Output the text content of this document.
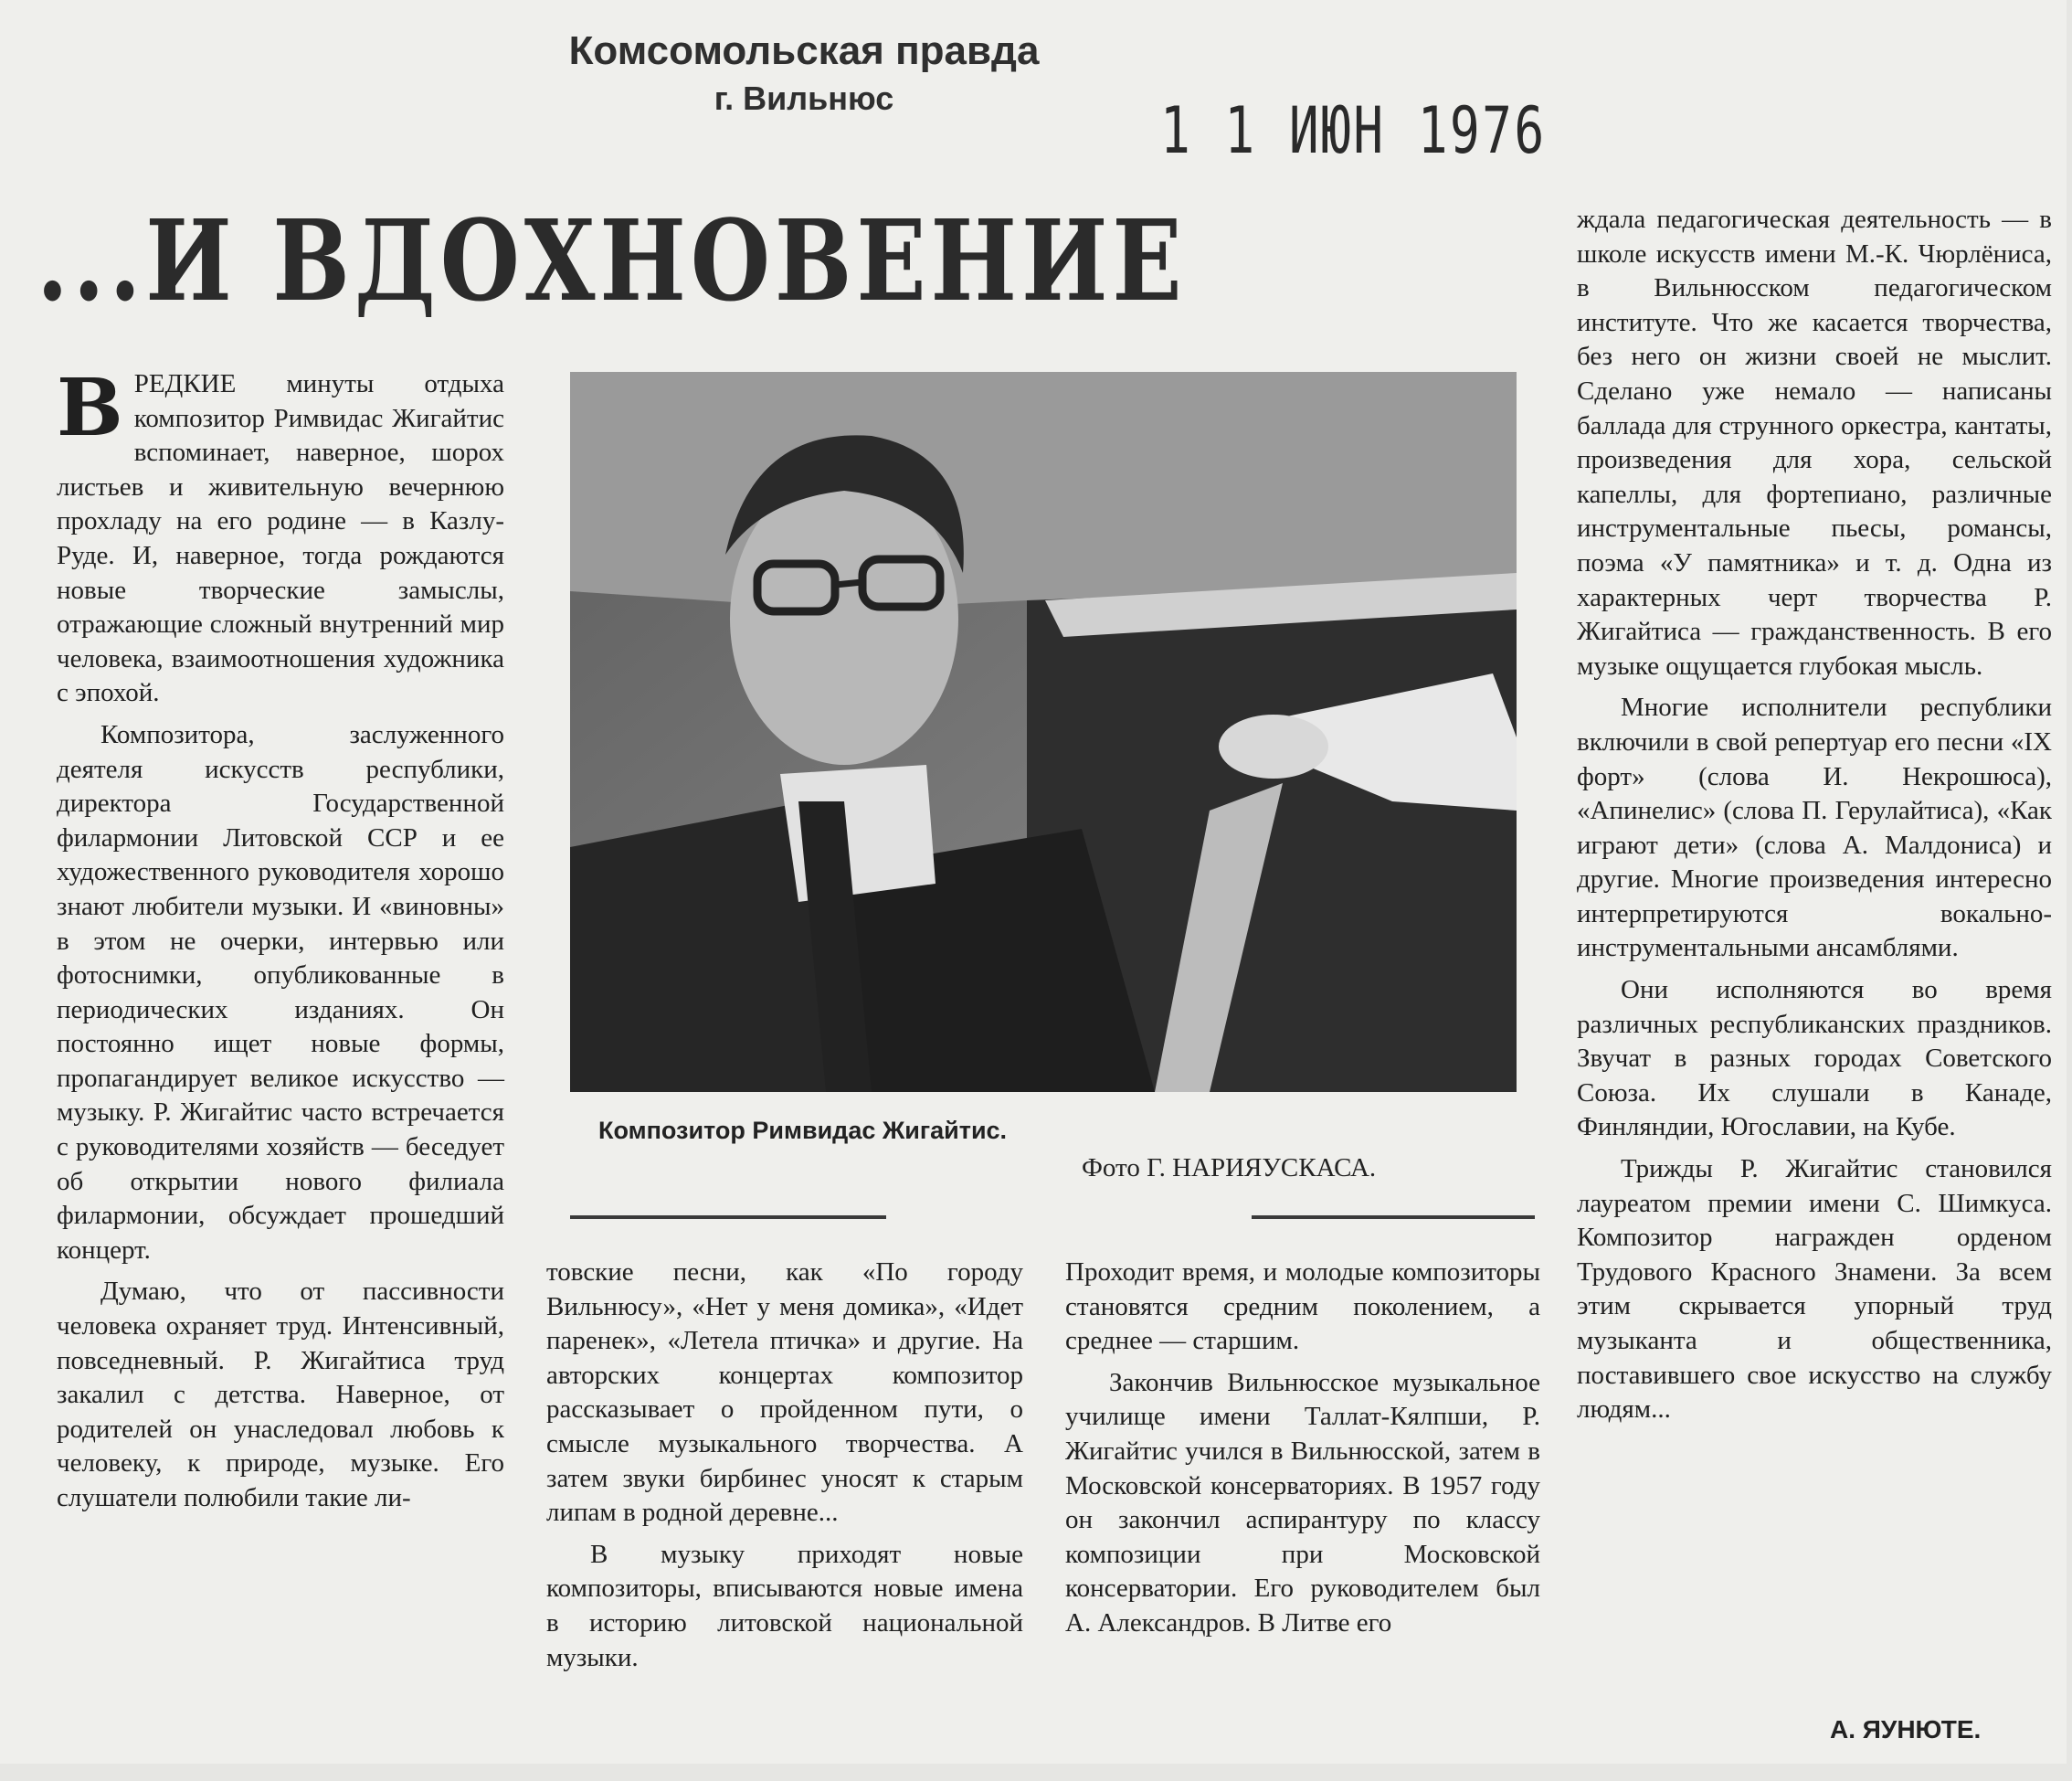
Комсомольская правда
г. Вильнюс	1 1 ИЮН 1976
...И ВДОХНОВЕНИЕ

ВРЕДКИЕ минуты отдыха композитор Римвидас Жигайтис вспоминает, наверное, шорох листьев и живительную вечернюю прохладу на его родине — в Казлу-Руде. И, наверное, тогда рождаются новые творческие замыслы, отражающие сложный внутренний мир человека, взаимоотношения художника с эпохой.

Композитора, заслуженного деятеля искусств республики, директора Государственной филармонии Литовской ССР и ее художественного руководителя хорошо знают любители музыки. И «виновны» в этом не очерки, интервью или фотоснимки, опубликованные в периодических изданиях. Он постоянно ищет новые формы, пропагандирует великое искусство — музыку. Р. Жигайтис часто встречается с руководителями хозяйств — беседует об открытии нового филиала филармонии, обсуждает прошедший концерт.

Думаю, что от пассивности человека охраняет труд. Интенсивный, повседневный. Р. Жигайтиса труд закалил с детства. Наверное, от родителей он унаследовал любовь к человеку, к природе, музыке. Его слушатели полюбили такие ли-

Композитор Римвидас Жигайтис.
Фото Г. НАРИЯУСКАСА.

товские песни, как «По городу Вильнюсу», «Нет у меня домика», «Идет паренек», «Летела птичка» и другие. На авторских концертах композитор рассказывает о пройденном пути, о смысле музыкального творчества. А затем звуки бирбинес уносят к старым липам в родной деревне...

В музыку приходят новые композиторы, вписываются новые имена в историю литовской национальной музыки.

Проходит время, и молодые композиторы становятся средним поколением, а среднее — старшим.

Закончив Вильнюсское музыкальное училище имени Таллат-Кялпши, Р. Жигайтис учился в Вильнюсской, затем в Московской консерваториях. В 1957 году он закончил аспирантуру по классу композиции при Московской консерватории. Его руководителем был А. Александров. В Литве его

ждала педагогическая деятельность — в школе искусств имени М.-К. Чюрлёниса, в Вильнюсском педагогическом институте. Что же касается творчества, без него он жизни своей не мыслит. Сделано уже немало — написаны баллада для струнного оркестра, кантаты, произведения для хора, сельской капеллы, для фортепиано, различные инструментальные пьесы, романсы, поэма «У памятника» и т. д. Одна из характерных черт творчества Р. Жигайтиса — гражданственность. В его музыке ощущается глубокая мысль.

Многие исполнители республики включили в свой репертуар его песни «IX форт» (слова И. Некрошюса), «Апинелис» (слова П. Герулайтиса), «Как играют дети» (слова А. Малдониса) и другие. Многие произведения интересно интерпретируются вокально-инструментальными ансамблями.

Они исполняются во время различных республиканских праздников. Звучат в разных городах Советского Союза. Их слушали в Канаде, Финляндии, Югославии, на Кубе.

Трижды Р. Жигайтис становился лауреатом премии имени С. Шимкуса. Композитор награжден орденом Трудового Красного Знамени. За всем этим скрывается упорный труд музыканта и общественника, поставившего свое искусство на службу людям...

А. ЯУНЮТЕ.
